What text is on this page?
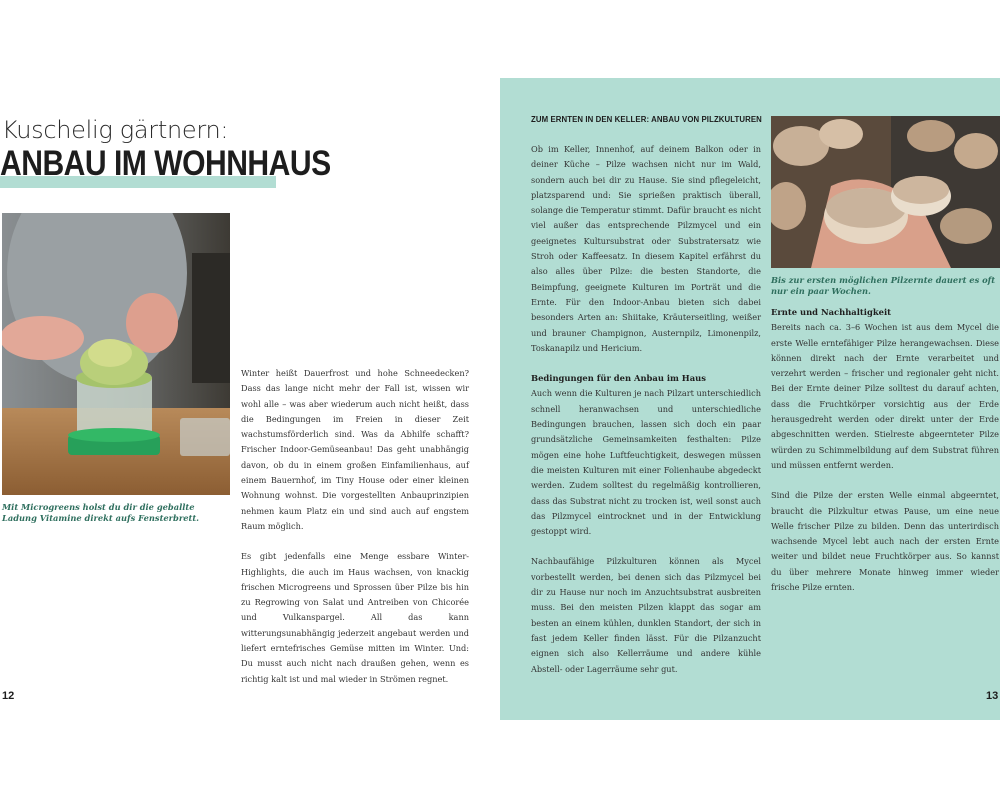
Kuschelig gärtnern:
ANBAU IM WOHNHAUS
Mit Microgreens holst du dir die geballte Ladung Vitamine direkt aufs Fensterbrett.

Winter heißt Dauerfrost und hohe Schneedecken? Dass das lange nicht mehr der Fall ist, wissen wir wohl alle – was aber wiederum auch nicht heißt, dass die Bedingungen im Freien in dieser Zeit wachstumsförderlich sind. Was da Abhilfe schafft? Frischer Indoor-Gemüseanbau! Das geht unabhängig davon, ob du in einem großen Einfamilienhaus, auf einem Bauernhof, im Tiny House oder einer kleinen Wohnung wohnst. Die vorgestellten Anbauprinzipien nehmen kaum Platz ein und sind auch auf engstem Raum möglich.

Es gibt jedenfalls eine Menge essbare Winter-Highlights, die auch im Haus wachsen, von knackig frischen Microgreens und Sprossen über Pilze bis hin zu Regrowing von Salat und Antreiben von Chicorée und Vulkanspargel. All das kann witterungsunabhängig jederzeit angebaut werden und liefert erntefrisches Gemüse mitten im Winter. Und: Du musst auch nicht nach draußen gehen, wenn es richtig kalt ist und mal wieder in Strömen regnet.

12
ZUM ERNTEN IN DEN KELLER: ANBAU VON PILZKULTUREN

Ob im Keller, Innenhof, auf deinem Balkon oder in deiner Küche – Pilze wachsen nicht nur im Wald, sondern auch bei dir zu Hause. Sie sind pflegeleicht, platzsparend und: Sie sprießen praktisch überall, solange die Temperatur stimmt. Dafür braucht es nicht viel außer das entsprechende Pilzmycel und ein geeignetes Kultursubstrat oder Substratersatz wie Stroh oder Kaffeesatz. In diesem Kapitel erfährst du also alles über Pilze: die besten Standorte, die Beimpfung, geeignete Kulturen im Porträt und die Ernte. Für den Indoor-Anbau bieten sich dabei besonders Arten an: Shiitake, Kräuterseitling, weißer und brauner Champignon, Austernpilz, Limonenpilz, Toskanapilz und Hericium.

Bedingungen für den Anbau im Haus

Auch wenn die Kulturen je nach Pilzart unterschiedlich schnell heranwachsen und unterschiedliche Bedingungen brauchen, lassen sich doch ein paar grundsätzliche Gemeinsamkeiten festhalten: Pilze mögen eine hohe Luftfeuchtigkeit, deswegen müssen die meisten Kulturen mit einer Folienhaube abgedeckt werden. Zudem solltest du regelmäßig kontrollieren, dass das Substrat nicht zu trocken ist, weil sonst auch das Pilzmycel eintrocknet und in der Entwicklung gestoppt wird.

Nachbaufähige Pilzkulturen können als Mycel vorbestellt werden, bei denen sich das Pilzmycel bei dir zu Hause nur noch im Anzuchtsubstrat ausbreiten muss. Bei den meisten Pilzen klappt das sogar am besten an einem kühlen, dunklen Standort, der sich in fast jedem Keller finden lässt. Für die Pilzanzucht eignen sich also Kellerräume und andere kühle Abstell- oder Lagerräume sehr gut.

Bis zur ersten möglichen Pilzernte dauert es oft nur ein paar Wochen.
Ernte und Nachhaltigkeit

Bereits nach ca. 3–6 Wochen ist aus dem Mycel die erste Welle erntefähiger Pilze herangewachsen. Diese können direkt nach der Ernte verarbeitet und verzehrt werden – frischer und regionaler geht nicht. Bei der Ernte deiner Pilze solltest du darauf achten, dass die Fruchtkörper vorsichtig aus der Erde herausgedreht werden oder direkt unter der Erde abgeschnitten werden. Stielreste abgeernteter Pilze würden zu Schimmelbildung auf dem Substrat führen und müssen entfernt werden.

Sind die Pilze der ersten Welle einmal abgeerntet, braucht die Pilzkultur etwas Pause, um eine neue Welle frischer Pilze zu bilden. Denn das unterirdisch wachsende Mycel lebt auch nach der ersten Ernte weiter und bildet neue Fruchtkörper aus. So kannst du über mehrere Monate hinweg immer wieder frische Pilze ernten.

13
